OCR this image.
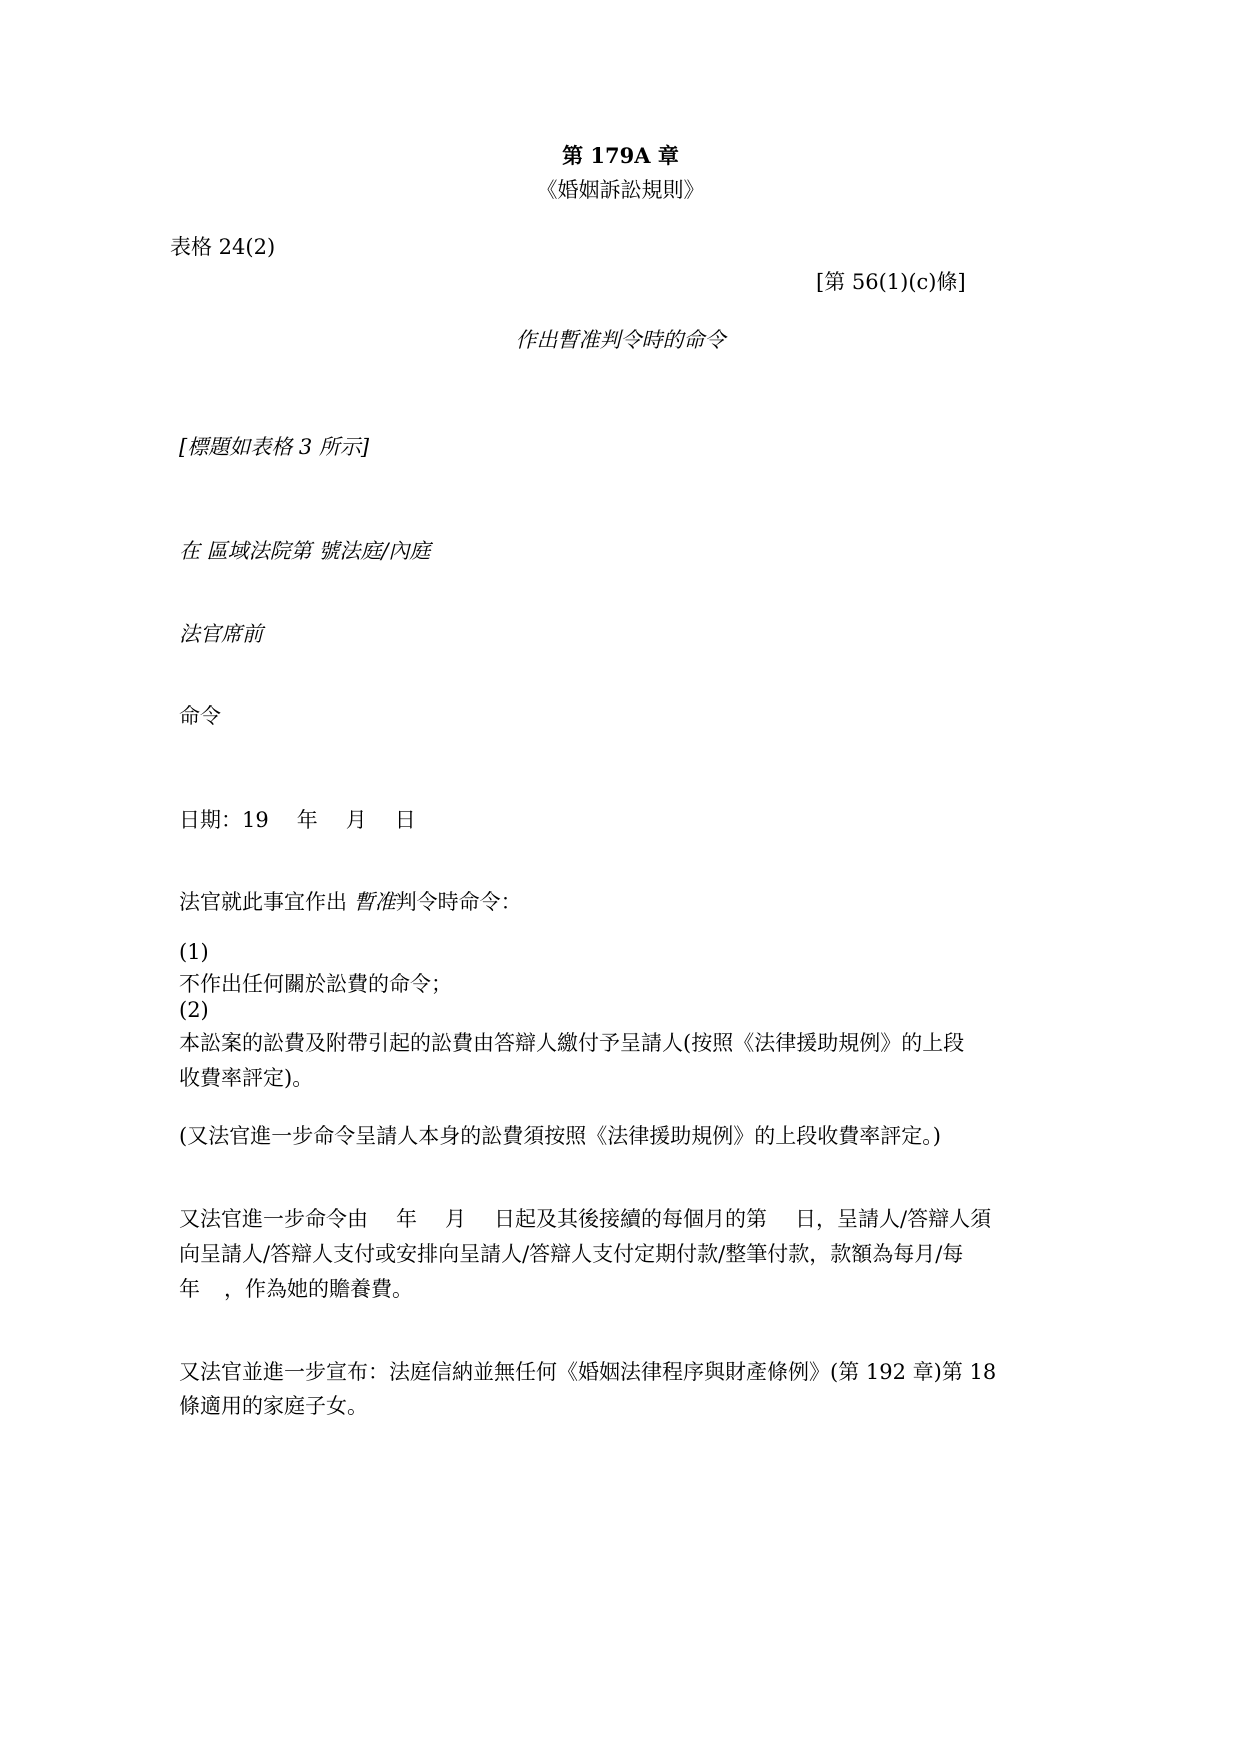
第 179A 章
《婚姻訴訟規則》
表格 24(2)
[第 56(1)(c)條]
作出暫准判令時的命令
[標題如表格 3 所示]
在 區域法院第 號法庭/內庭
法官席前
命令
日期：19 年 月 日
法官就此事宜作出 暫准判令時命令：
(1)
不作出任何關於訟費的命令；
(2)
本訟案的訟費及附帶引起的訟費由答辯人繳付予呈請人(按照《法律援助規例》的上段
收費率評定)。
(又法官進一步命令呈請人本身的訟費須按照《法律援助規例》的上段收費率評定。)
又法官進一步命令由 年 月 日起及其後接續的每個月的第 日，呈請人/答辯人須
向呈請人/答辯人支付或安排向呈請人/答辯人支付定期付款/整筆付款，款額為每月/每
年 ，作為她的贍養費。
又法官並進一步宣布：法庭信納並無任何《婚姻法律程序與財產條例》(第 192 章)第 18
條適用的家庭子女。
